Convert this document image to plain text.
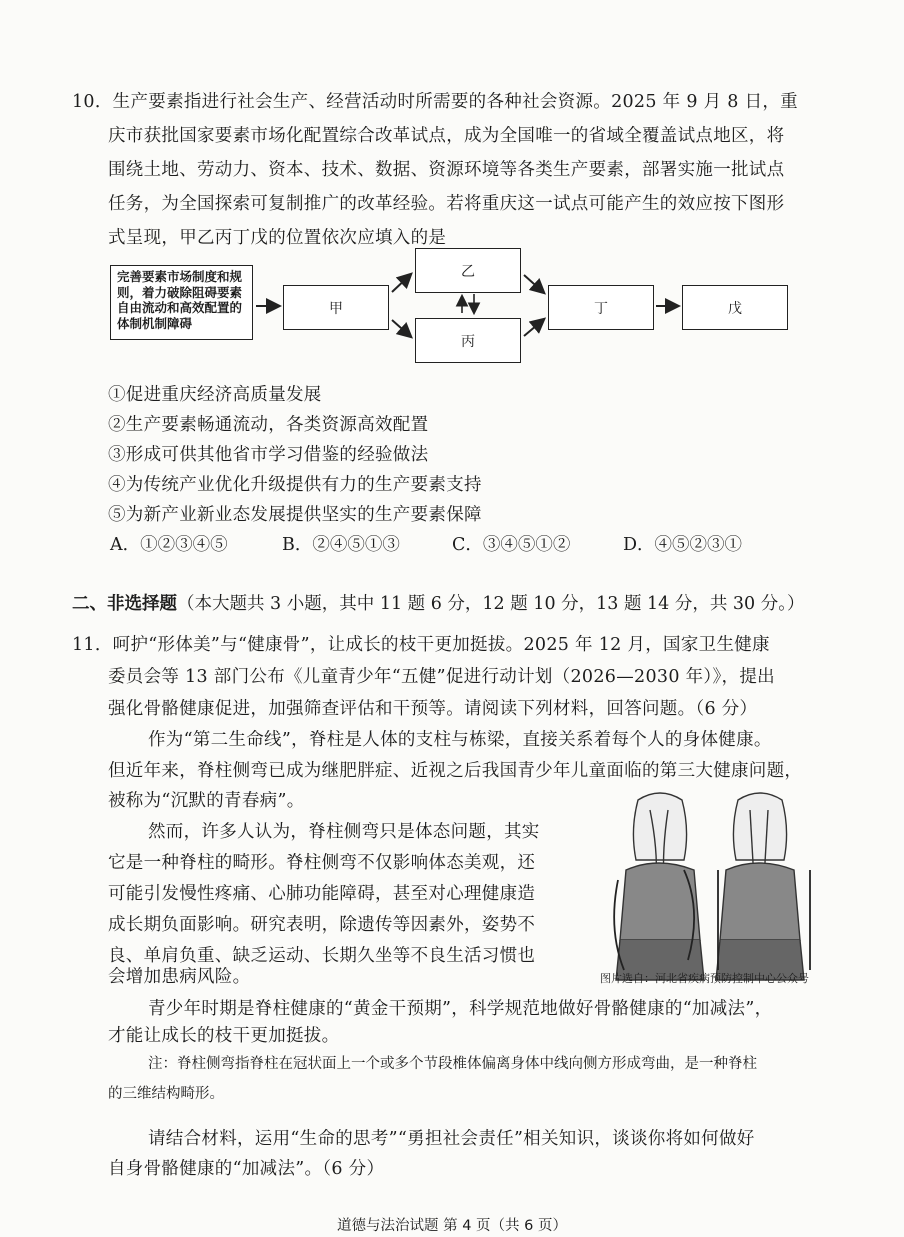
10．生产要素指进行社会生产、经营活动时所需要的各种社会资源。2025 年 9 月 8 日，重
庆市获批国家要素市场化配置综合改革试点，成为全国唯一的省域全覆盖试点地区，将
围绕土地、劳动力、资本、技术、数据、资源环境等各类生产要素，部署实施一批试点
任务，为全国探索可复制推广的改革经验。若将重庆这一试点可能产生的效应按下图形
式呈现，甲乙丙丁戊的位置依次应填入的是
完善要素市场制度和规则，着力破除阻碍要素自由流动和高效配置的体制机制障碍
甲
乙
丙
丁	戊
①促进重庆经济高质量发展
②生产要素畅通流动，各类资源高效配置
③形成可供其他省市学习借鉴的经验做法
④为传统产业优化升级提供有力的生产要素支持
⑤为新产业新业态发展提供坚实的生产要素保障
A．①②③④⑤	B．②④⑤①③	C．③④⑤①②	D．④⑤②③①
二、非选择题（本大题共 3 小题，其中 11 题 6 分，12 题 10 分，13 题 14 分，共 30 分。）
11．呵护“形体美”与“健康骨”，让成长的枝干更加挺拔。2025 年 12 月，国家卫生健康
委员会等 13 部门公布《儿童青少年“五健”促进行动计划（2026—2030 年）》，提出
强化骨骼健康促进，加强筛查评估和干预等。请阅读下列材料，回答问题。（6 分）
作为“第二生命线”，脊柱是人体的支柱与栋梁，直接关系着每个人的身体健康。
但近年来，脊柱侧弯已成为继肥胖症、近视之后我国青少年儿童面临的第三大健康问题，
被称为“沉默的青春病”。
然而，许多人认为，脊柱侧弯只是体态问题，其实
它是一种脊柱的畸形。脊柱侧弯不仅影响体态美观，还
可能引发慢性疼痛、心肺功能障碍，甚至对心理健康造
成长期负面影响。研究表明，除遗传等因素外，姿势不
良、单肩负重、缺乏运动、长期久坐等不良生活习惯也
会增加患病风险。	图片选自：河北省疾病预防控制中心公众号
青少年时期是脊柱健康的“黄金干预期”，科学规范地做好骨骼健康的“加减法”，
才能让成长的枝干更加挺拔。
注：脊柱侧弯指脊柱在冠状面上一个或多个节段椎体偏离身体中线向侧方形成弯曲，是一种脊柱
的三维结构畸形。
请结合材料，运用“生命的思考”“勇担社会责任”相关知识，谈谈你将如何做好
自身骨骼健康的“加减法”。（6 分）
道德与法治试题 第 4 页（共 6 页）
